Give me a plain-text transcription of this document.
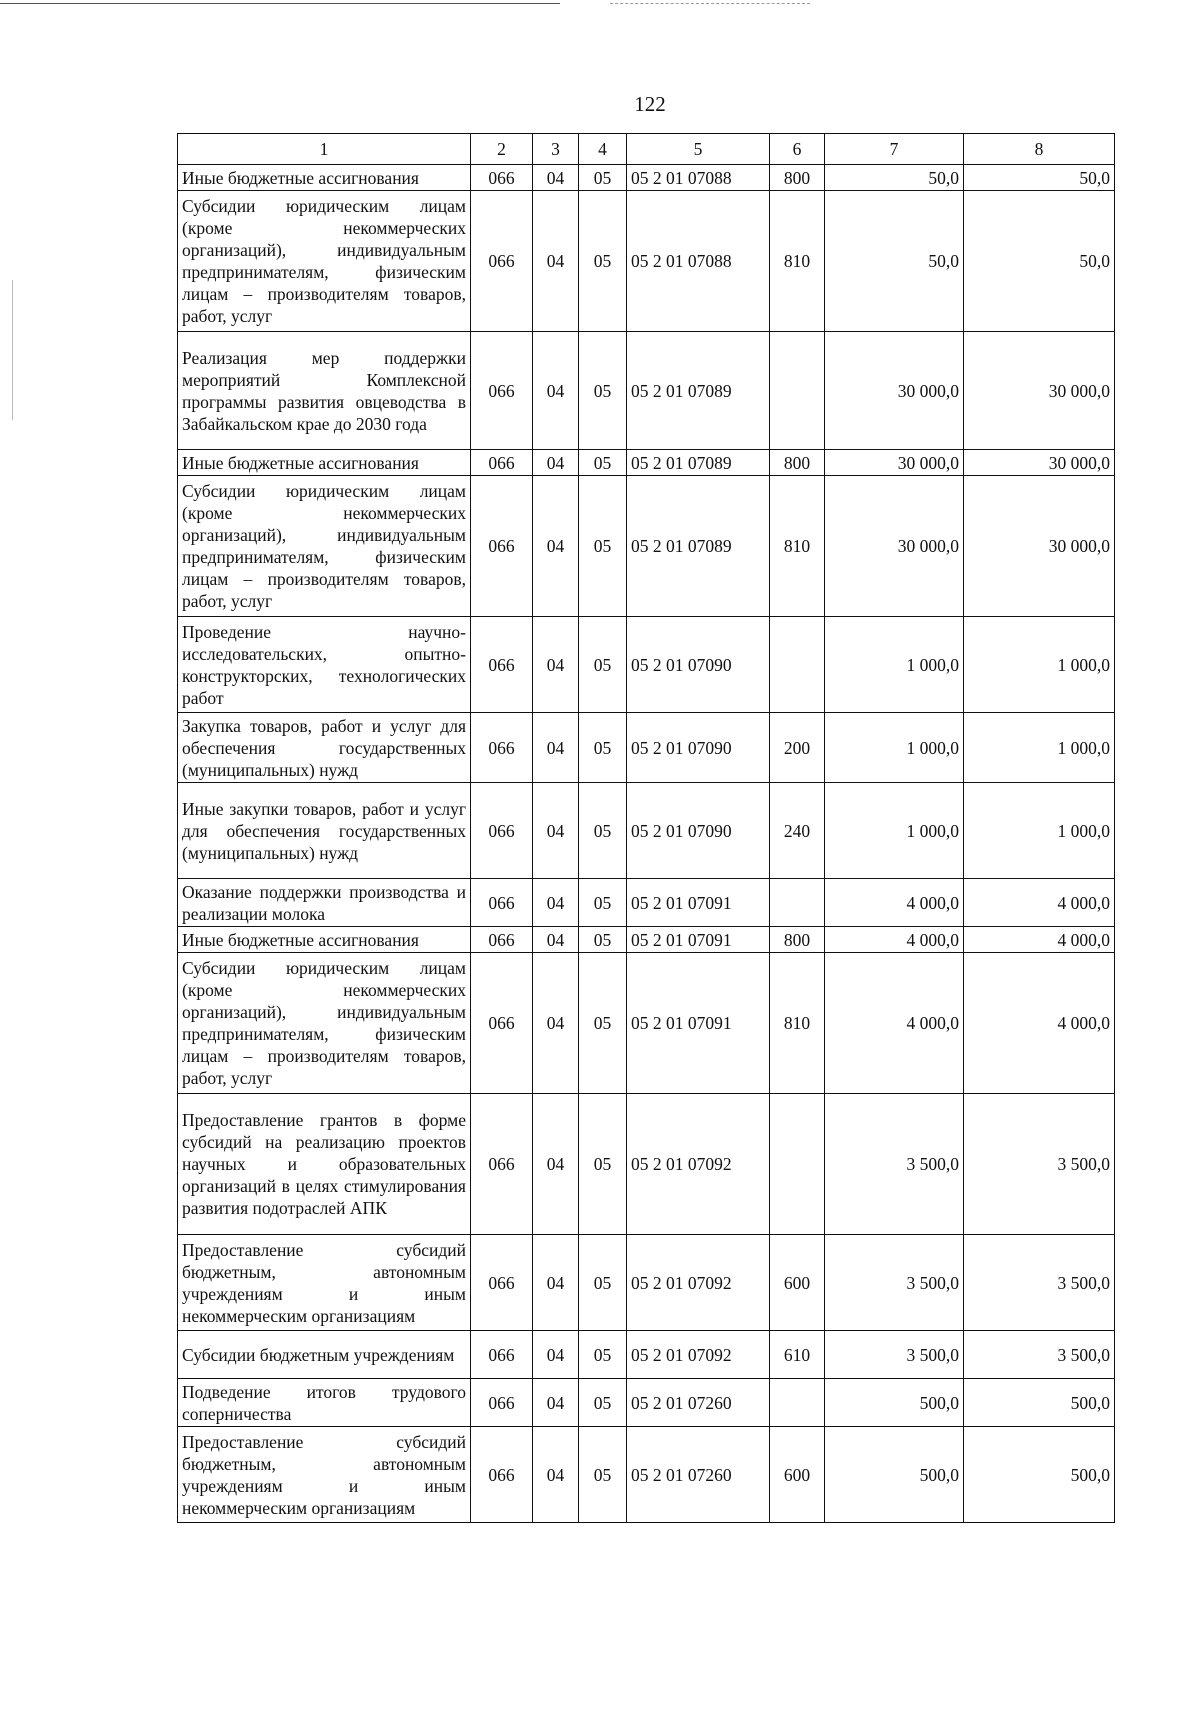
122
1	2	3	4	5	6	7	8
Иные бюджетные ассигнования	066	04	05	05 2 01 07088	800	50,0	50,0
Субсидии юридическим лицам (кроме некоммерческих организаций), индивидуальным предпринимателям, физическим лицам – производителям товаров, работ, услуг	066	04	05	05 2 01 07088	810	50,0	50,0
Реализация мер поддержки мероприятий Комплексной программы развития овцеводства в Забайкальском крае до 2030 года	066	04	05	05 2 01 07089		30 000,0	30 000,0
Иные бюджетные ассигнования	066	04	05	05 2 01 07089	800	30 000,0	30 000,0
Субсидии юридическим лицам (кроме некоммерческих организаций), индивидуальным предпринимателям, физическим лицам – производителям товаров, работ, услуг	066	04	05	05 2 01 07089	810	30 000,0	30 000,0
Проведение научно-исследовательских, опытно-конструкторских, технологических работ	066	04	05	05 2 01 07090		1 000,0	1 000,0
Закупка товаров, работ и услуг для обеспечения государственных (муниципальных) нужд	066	04	05	05 2 01 07090	200	1 000,0	1 000,0
Иные закупки товаров, работ и услуг для обеспечения государственных (муниципальных) нужд	066	04	05	05 2 01 07090	240	1 000,0	1 000,0
Оказание поддержки производства и реализации молока	066	04	05	05 2 01 07091		4 000,0	4 000,0
Иные бюджетные ассигнования	066	04	05	05 2 01 07091	800	4 000,0	4 000,0
Субсидии юридическим лицам (кроме некоммерческих организаций), индивидуальным предпринимателям, физическим лицам – производителям товаров, работ, услуг	066	04	05	05 2 01 07091	810	4 000,0	4 000,0
Предоставление грантов в форме субсидий на реализацию проектов научных и образовательных организаций в целях стимулирования развития подотраслей АПК	066	04	05	05 2 01 07092		3 500,0	3 500,0
Предоставление субсидий бюджетным, автономным учреждениям и иным некоммерческим организациям	066	04	05	05 2 01 07092	600	3 500,0	3 500,0
Субсидии бюджетным учреждениям	066	04	05	05 2 01 07092	610	3 500,0	3 500,0
Подведение итогов трудового соперничества	066	04	05	05 2 01 07260		500,0	500,0
Предоставление субсидий бюджетным, автономным учреждениям и иным некоммерческим организациям	066	04	05	05 2 01 07260	600	500,0	500,0
